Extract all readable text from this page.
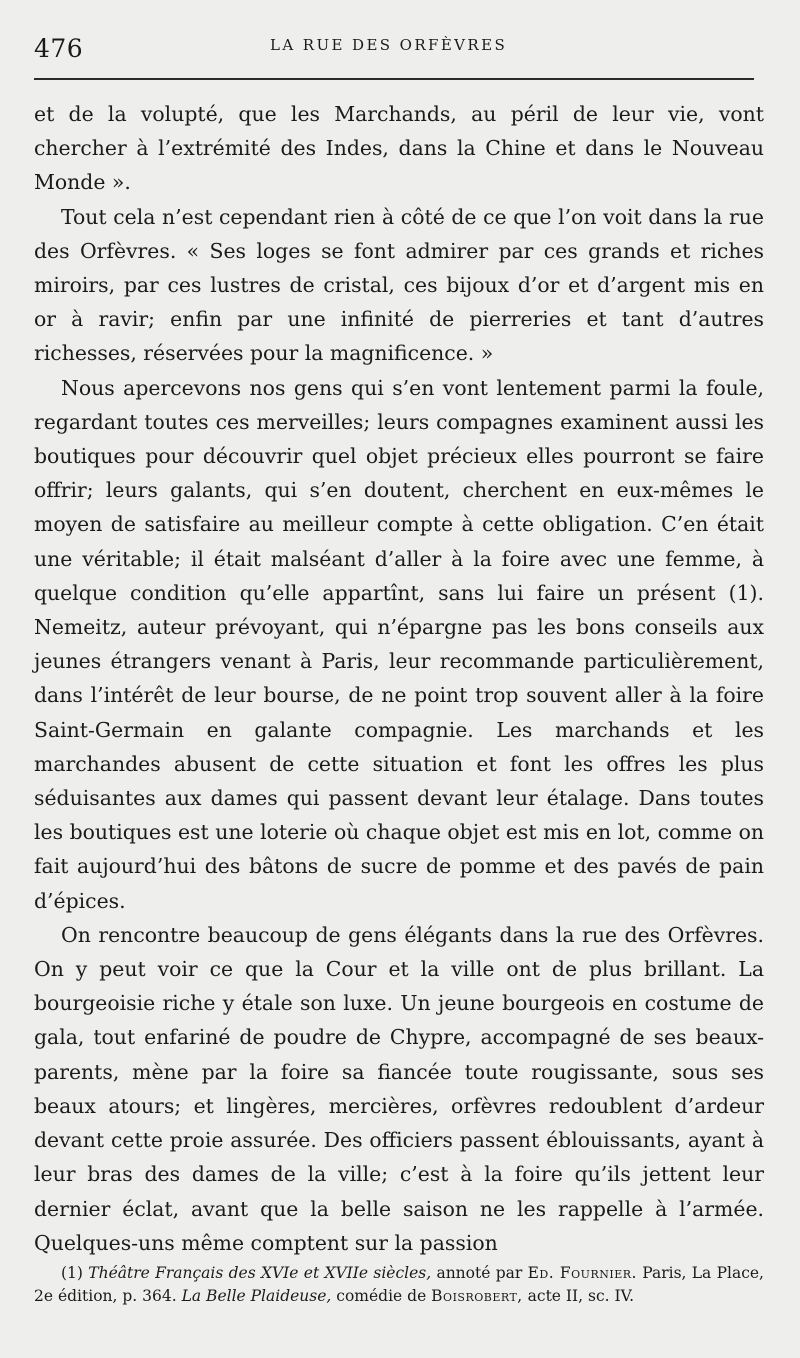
476	LA RUE DES ORFÈVRES

et de la volupté, que les Marchands, au péril de leur vie, vont chercher à l’extrémité des Indes, dans la Chine et dans le Nouveau Monde ».

Tout cela n’est cependant rien à côté de ce que l’on voit dans la rue des Orfèvres. « Ses loges se font admirer par ces grands et riches miroirs, par ces lustres de cristal, ces bijoux d’or et d’argent mis en or à ravir; enfin par une infinité de pierreries et tant d’autres richesses, réservées pour la magnificence. »

Nous apercevons nos gens qui s’en vont lentement parmi la foule, regardant toutes ces merveilles; leurs compagnes examinent aussi les boutiques pour découvrir quel objet précieux elles pourront se faire offrir; leurs galants, qui s’en doutent, cherchent en eux-mêmes le moyen de satisfaire au meilleur compte à cette obligation. C’en était une véritable; il était malséant d’aller à la foire avec une femme, à quelque condition qu’elle appartînt, sans lui faire un présent (1). Nemeitz, auteur prévoyant, qui n’épargne pas les bons conseils aux jeunes étrangers venant à Paris, leur recommande particulièrement, dans l’intérêt de leur bourse, de ne point trop souvent aller à la foire Saint-Germain en galante compagnie. Les marchands et les marchandes abusent de cette situation et font les offres les plus séduisantes aux dames qui passent devant leur étalage. Dans toutes les boutiques est une loterie où chaque objet est mis en lot, comme on fait aujourd’hui des bâtons de sucre de pomme et des pavés de pain d’épices.

On rencontre beaucoup de gens élégants dans la rue des Orfèvres. On y peut voir ce que la Cour et la ville ont de plus brillant. La bourgeoisie riche y étale son luxe. Un jeune bourgeois en costume de gala, tout enfariné de poudre de Chypre, accompagné de ses beaux-parents, mène par la foire sa fiancée toute rougissante, sous ses beaux atours; et lingères, mercières, orfèvres redoublent d’ardeur devant cette proie assurée. Des officiers passent éblouissants, ayant à leur bras des dames de la ville; c’est à la foire qu’ils jettent leur dernier éclat, avant que la belle saison ne les rappelle à l’armée. Quelques-uns même comptent sur la passion

(1) Théâtre Français des XVIe et XVIIe siècles, annoté par Ed. Fournier. Paris, La Place, 2e édition, p. 364. La Belle Plaideuse, comédie de Boisrobert, acte II, sc. IV.
